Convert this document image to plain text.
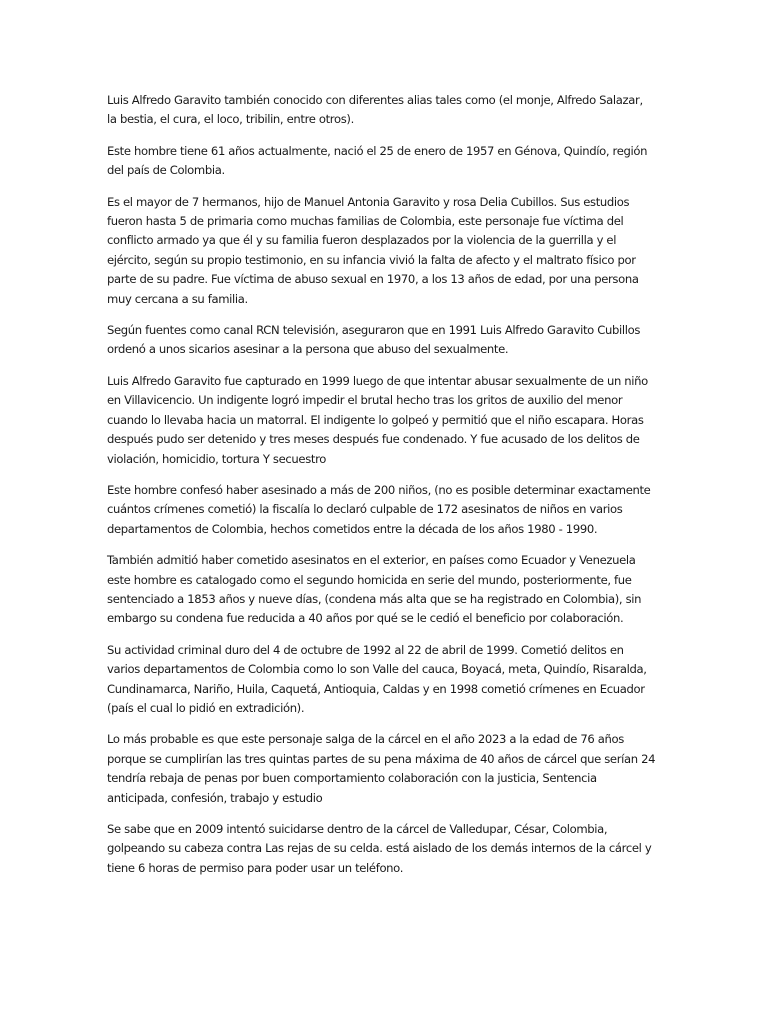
Luis Alfredo Garavito también conocido con diferentes alias tales como (el monje, Alfredo Salazar,
la bestia, el cura, el loco, tribilin, entre otros).

Este hombre tiene 61 años actualmente, nació el 25 de enero de 1957 en Génova, Quindío, región
del país de Colombia.

Es el mayor de 7 hermanos, hijo de Manuel Antonia Garavito y rosa Delia Cubillos. Sus estudios
fueron hasta 5 de primaria como muchas familias de Colombia, este personaje fue víctima del
conflicto armado ya que él y su familia fueron desplazados por la violencia de la guerrilla y el
ejército, según su propio testimonio, en su infancia vivió la falta de afecto y el maltrato físico por
parte de su padre. Fue víctima de abuso sexual en 1970, a los 13 años de edad, por una persona
muy cercana a su familia.

Según fuentes como canal RCN televisión, aseguraron que en 1991 Luis Alfredo Garavito Cubillos
ordenó a unos sicarios asesinar a la persona que abuso del sexualmente.

Luis Alfredo Garavito fue capturado en 1999 luego de que intentar abusar sexualmente de un niño
en Villavicencio. Un indigente logró impedir el brutal hecho tras los gritos de auxilio del menor
cuando lo llevaba hacia un matorral. El indigente lo golpeó y permitió que el niño escapara. Horas
después pudo ser detenido y tres meses después fue condenado. Y fue acusado de los delitos de
violación, homicidio, tortura Y secuestro

Este hombre confesó haber asesinado a más de 200 niños, (no es posible determinar exactamente
cuántos crímenes cometió) la fiscalía lo declaró culpable de 172 asesinatos de niños en varios
departamentos de Colombia, hechos cometidos entre la década de los años 1980 - 1990.

También admitió haber cometido asesinatos en el exterior, en países como Ecuador y Venezuela
este hombre es catalogado como el segundo homicida en serie del mundo, posteriormente, fue
sentenciado a 1853 años y nueve días, (condena más alta que se ha registrado en Colombia), sin
embargo su condena fue reducida a 40 años por qué se le cedió el beneficio por colaboración.

Su actividad criminal duro del 4 de octubre de 1992 al 22 de abril de 1999. Cometió delitos en
varios departamentos de Colombia como lo son Valle del cauca, Boyacá, meta, Quindío, Risaralda,
Cundinamarca, Nariño, Huila, Caquetá, Antioquia, Caldas y en 1998 cometió crímenes en Ecuador
(país el cual lo pidió en extradición).

Lo más probable es que este personaje salga de la cárcel en el año 2023 a la edad de 76 años
porque se cumplirían las tres quintas partes de su pena máxima de 40 años de cárcel que serían 24
tendría rebaja de penas por buen comportamiento colaboración con la justicia, Sentencia
anticipada, confesión, trabajo y estudio

Se sabe que en 2009 intentó suicidarse dentro de la cárcel de Valledupar, César, Colombia,
golpeando su cabeza contra Las rejas de su celda. está aislado de los demás internos de la cárcel y
tiene 6 horas de permiso para poder usar un teléfono.
